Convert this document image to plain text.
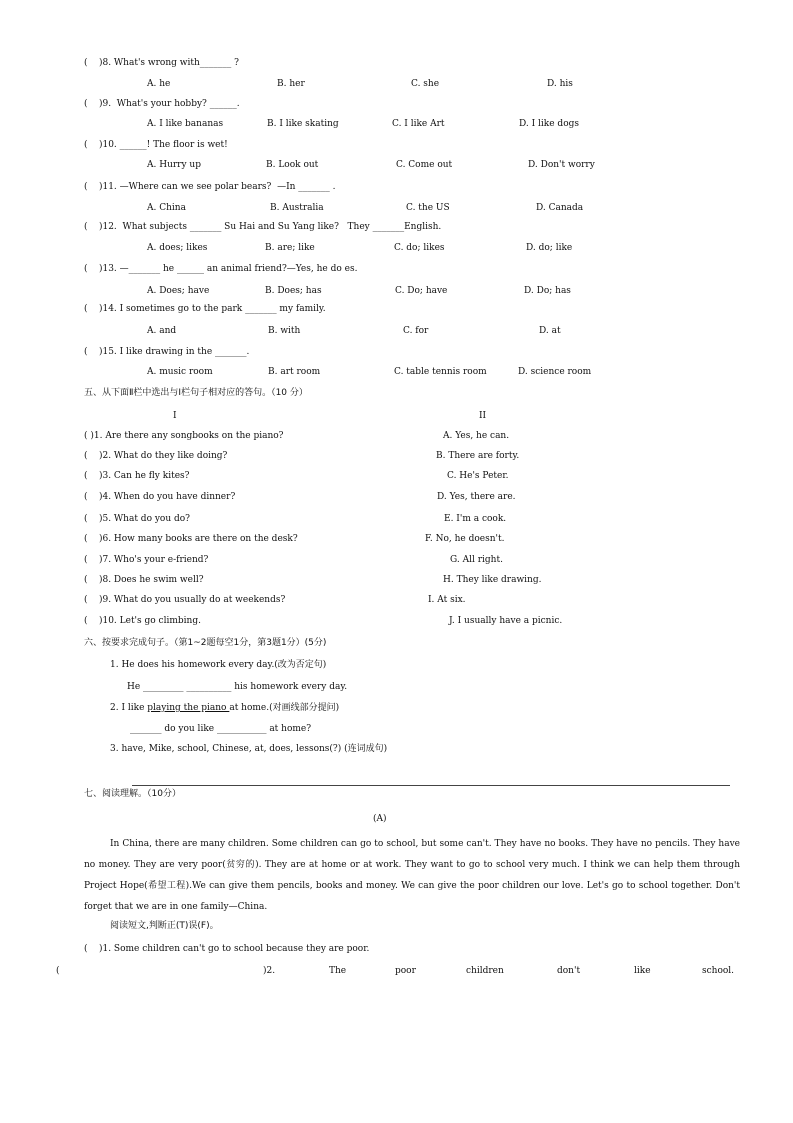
(    )8. What's wrong with_______ ?
A. he	B. her	C. she	D. his
(    )9.  What's your hobby? ______.
A. I like bananas	B. I like skating	C. I like Art	D. I like dogs
(    )10. ______! The floor is wet!
A. Hurry up	B. Look out	C. Come out	D. Don't worry
(    )11. —Where can we see polar bears?  —In _______ .
A. China	B. Australia	C. the US	D. Canada
(    )12.  What subjects _______ Su Hai and Su Yang like?   They _______English.
A. does; likes	B. are; like	C. do; likes	D. do; like
(    )13. —_______ he ______ an animal friend?—Yes, he do es.
A. Does; have	B. Does; has	C. Do; have	D. Do; has
(    )14. I sometimes go to the park _______ my family.
A. and	B. with	C. for	D. at
(    )15. I like drawing in the _______.
A. music room	B. art room	C. table tennis room	D. science room
五、从下面Ⅱ栏中选出与Ⅰ栏句子相对应的答句。（10 分）
I	II
( )1. Are there any songbooks on the piano?	A. Yes, he can.
(    )2. What do they like doing?	B. There are forty.
(    )3. Can he fly kites?	C. He's Peter.
(    )4. When do you have dinner?	D. Yes, there are.
(    )5. What do you do?	E. I'm a cook.
(    )6. How many books are there on the desk?	F. No, he doesn't.
(    )7. Who's your e-friend?	G. All right.
(    )8. Does he swim well?	H. They like drawing.
(    )9. What do you usually do at weekends?	I. At six.
(    )10. Let's go climbing.	J. I usually have a picnic.
六、按要求完成句子。（第1~2题每空1分，第3题1分）(5分)
1. He does his homework every day.(改为否定句)
He _________ __________ his homework every day.
2. I like playing the piano at home.(对画线部分提问)
_______ do you like ___________ at home?
3. have, Mike, school, Chinese, at, does, lessons(?) (连词成句)
七、阅读理解。（10分）
(A)
In China, there are many children. Some children can go to school, but some can't. They have no books. They have no pencils. They have no money. They are very poor(贫穷的). They are at home or at work. They want to go to school very much. I think we can help them through Project Hope(希望工程).We can give them pencils, books and money. We can give the poor children our love. Let's go to school together. Don't forget that we are in one family—China.
阅读短文,判断正(T)误(F)。
(    )1. Some children can't go to school because they are poor.
(	)2.	The	poor	children	don't	like	school.
